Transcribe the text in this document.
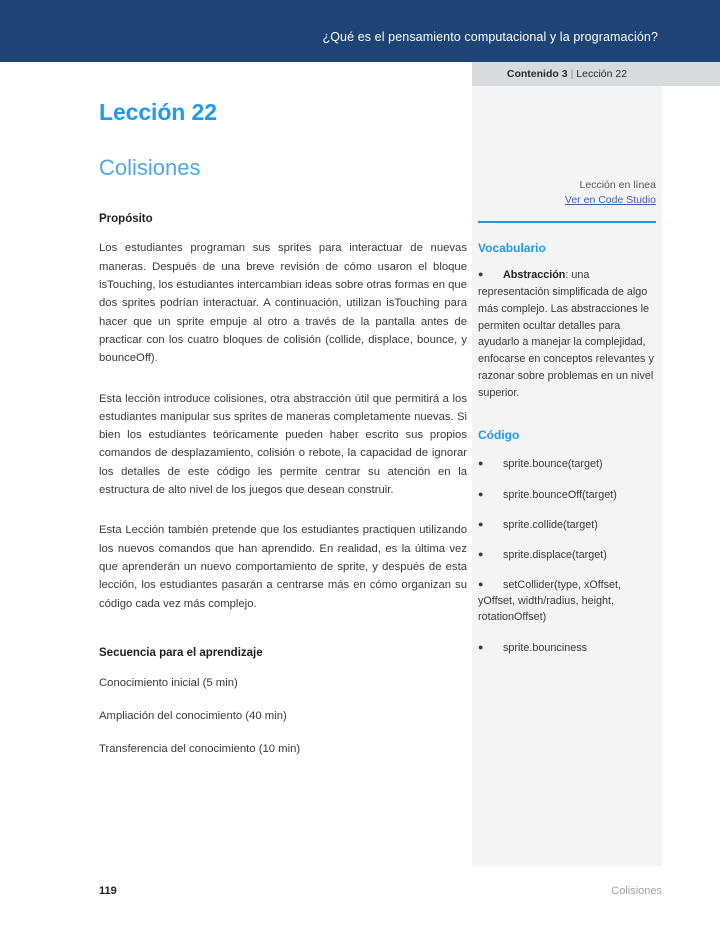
¿Qué es el pensamiento computacional y la programación?
Contenido 3 | Lección 22
Lección 22
Colisiones
Propósito

Los estudiantes programan sus sprites para interactuar de nuevas maneras. Después de una breve revisión de cómo usaron el bloque isTouching, los estudiantes intercambian ideas sobre otras formas en que dos sprites podrían interactuar. A continuación, utilizan isTouching para hacer que un sprite empuje al otro a través de la pantalla antes de practicar con los cuatro bloques de colisión (collide, displace, bounce, y bounceOff).

Esta lección introduce colisiones, otra abstracción útil que permitirá a los estudiantes manipular sus sprites de maneras completamente nuevas. Si bien los estudiantes teóricamente pueden haber escrito sus propios comandos de desplazamiento, colisión o rebote, la capacidad de ignorar los detalles de este código les permite centrar su atención en la estructura de alto nivel de los juegos que desean construir.

Esta Lección también pretende que los estudiantes practiquen utilizando los nuevos comandos que han aprendido. En realidad, es la última vez que aprenderán un nuevo comportamiento de sprite, y después de esta lección, los estudiantes pasarán a centrarse más en cómo organizan su código cada vez más complejo.

Secuencia para el aprendizaje
Conocimiento inicial (5 min)
Ampliación del conocimiento (40 min)
Transferencia del conocimiento (10 min)
Lección en línea
Ver en Code Studio
Vocabulario
● Abstracción: una representación simplificada de algo más complejo. Las abstracciones le permiten ocultar detalles para ayudarlo a manejar la complejidad, enfocarse en conceptos relevantes y razonar sobre problemas en un nivel superior.
Código
● sprite.bounce(target)
● sprite.bounceOff(target)
● sprite.collide(target)
● sprite.displace(target)
● setCollider(type, xOffset, yOffset, width/radius, height, rotationOffset)
● sprite.bounciness
119	Colisiones
